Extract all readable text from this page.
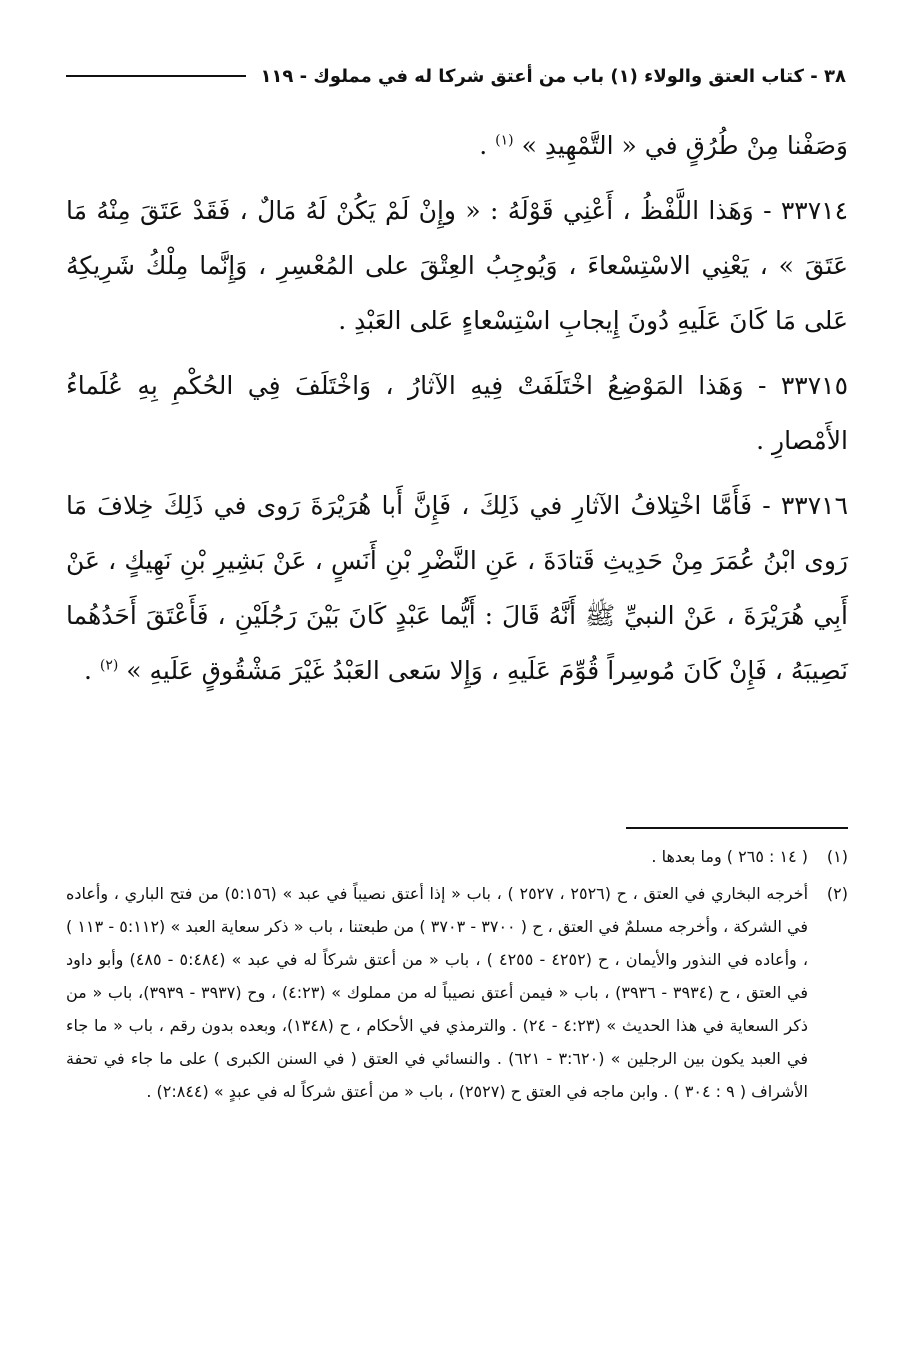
٣٨ - كتاب العتق والولاء (١) باب من أعتق شركا له في مملوك - ١١٩

وَصَفْنا مِنْ طُرُقٍ في « التَّمْهِيدِ » $^{(١)}$ .

٣٣٧١٤ - وَهَذا اللَّفْظُ ، أَعْنِي قَوْلَهُ : « وإِنْ لَمْ يَكُنْ لَهُ مَالٌ ، فَقَدْ عَتَقَ مِنْهُ مَا عَتَقَ » ، يَعْنِي الاسْتِسْعاءَ ، وَيُوجِبُ العِتْقَ على المُعْسِرِ ، وَإِنَّما مِلْكُ شَرِيكِهُ عَلى مَا كَانَ عَلَيهِ دُونَ إِيجابِ اسْتِسْعاءٍ عَلى العَبْدِ .

٣٣٧١٥ - وَهَذا المَوْضِعُ اخْتَلَفَتْ فِيهِ الآثارُ ، وَاخْتَلَفَ فِي الحُكْمِ بِهِ عُلَماءُ الأَمْصارِ .

٣٣٧١٦ - فَأَمَّا اخْتِلافُ الآثارِ في ذَلِكَ ، فَإِنَّ أَبا هُرَيْرَةَ رَوى في ذَلِكَ خِلافَ مَا رَوى ابْنُ عُمَرَ مِنْ حَدِيثِ قَتادَةَ ، عَنِ النَّضْرِ بْنِ أَنَسٍ ، عَنْ بَشِيرِ بْنِ نَهِيكٍ ، عَنْ أَبِي هُرَيْرَةَ ، عَنْ النبيِّ ﷺ أَنَّهُ قَالَ : أَيُّما عَبْدٍ كَانَ بَيْنَ رَجُلَيْنِ ، فَأَعْتَقَ أَحَدُهُما نَصِيبَهُ ، فَإِنْ كَانَ مُوسِراً قُوِّمَ عَلَيهِ ، وَإِلا سَعى العَبْدُ غَيْرَ مَشْقُوقٍ عَلَيهِ » $^{(٢)}$ .

(١)( ١٤ : ٢٦٥ ) وما بعدها .

(٢)أخرجه البخاري في العتق ، ح (٢٥٢٦ ، ٢٥٢٧ ) ، باب « إذا أعتق نصيباً في عبد » (٥:١٥٦) من فتح الباري ، وأعاده في الشركة ، وأخرجه مسلمٌ في العتق ، ح ( ٣٧٠٠ - ٣٧٠٣ ) من طبعتنا ، باب « ذكر سعاية العبد » (٥:١١٢ - ١١٣ ) ، وأعاده في النذور والأيمان ، ح (٤٢٥٢ - ٤٢٥٥ ) ، باب « من أعتق شركاً له في عبد » (٥:٤٨٤ - ٤٨٥) وأبو داود في العتق ، ح (٣٩٣٤ - ٣٩٣٦) ، باب « فيمن أعتق نصيباً له من مملوك » (٤:٢٣) ، وح (٣٩٣٧ - ٣٩٣٩)، باب « من ذكر السعاية في هذا الحديث » (٤:٢٣ - ٢٤) . والترمذي في الأحكام ، ح (١٣٤٨)، وبعده بدون رقم ، باب « ما جاء في العبد يكون بين الرجلين » (٣:٦٢٠ - ٦٢١) . والنسائي في العتق ( في السنن الكبرى ) على ما جاء في تحفة الأشراف ( ٩ : ٣٠٤ ) . وابن ماجه في العتق ح (٢٥٢٧) ، باب « من أعتق شركاً له في عبدٍ » (٢:٨٤٤) .
